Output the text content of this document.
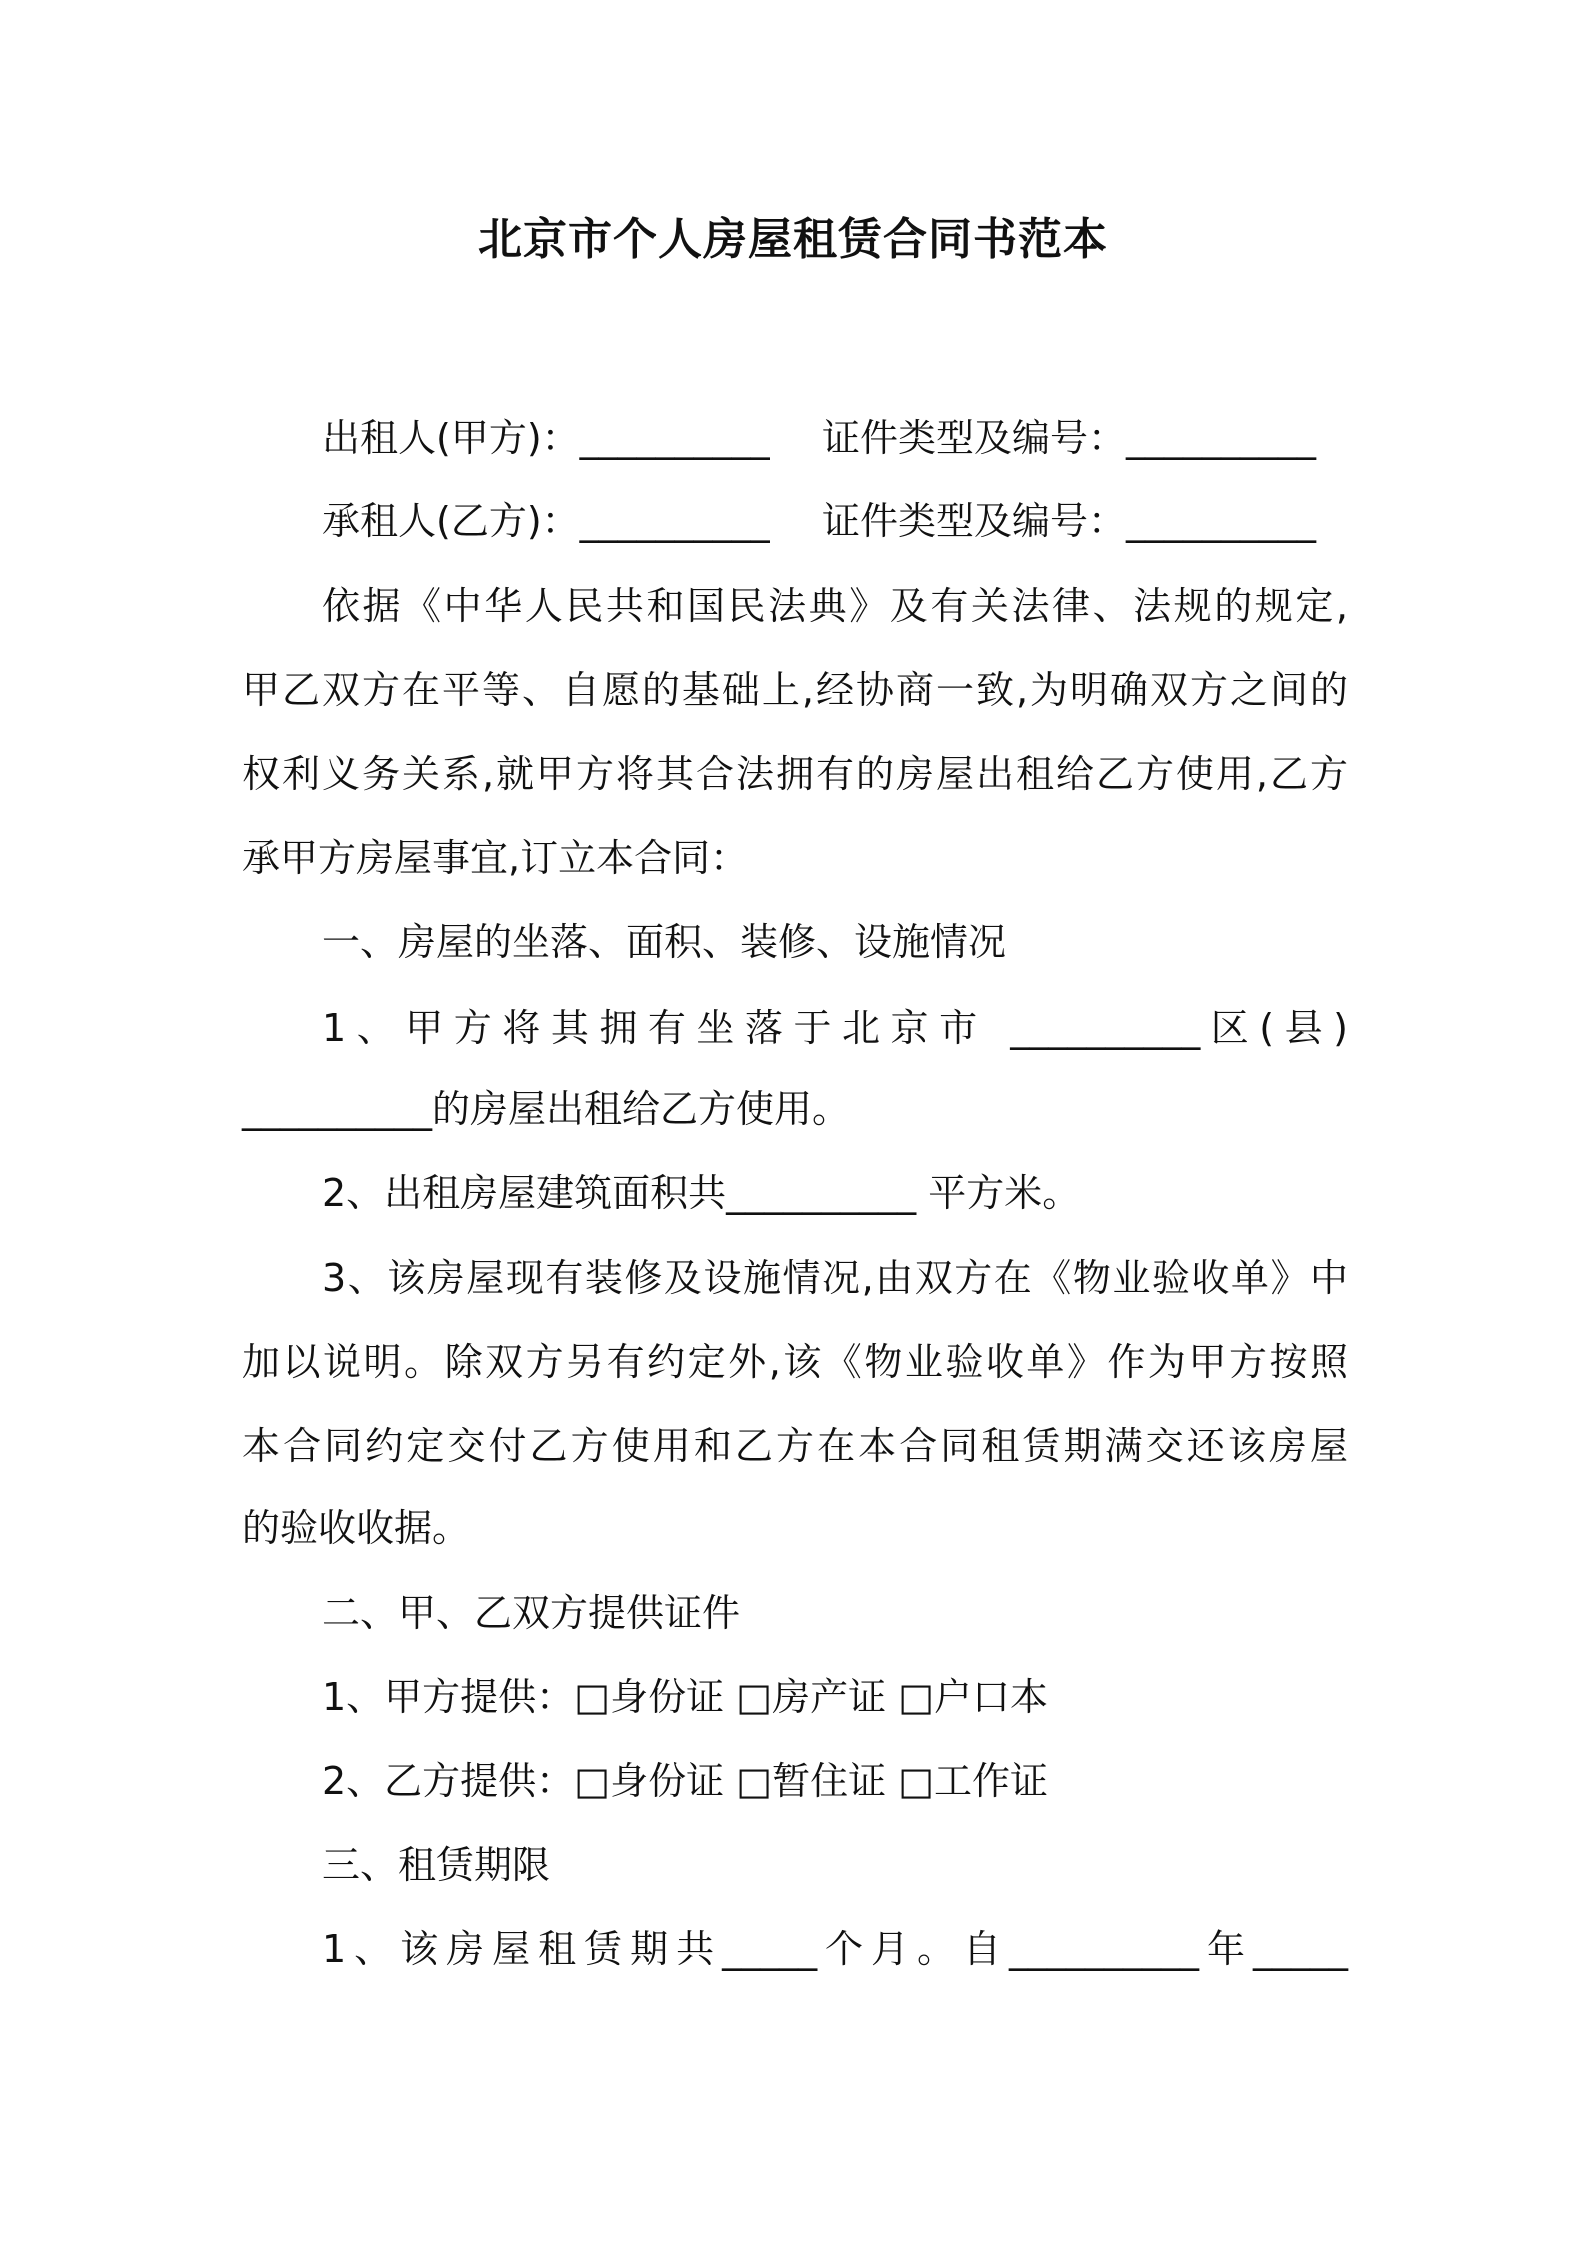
北京市个人房屋租赁合同书范本
出租人(甲方)：__________	证件类型及编号：__________
承租人(乙方)：__________	证件类型及编号：__________
依据《中华人民共和国民法典》及有关法律、法规的规定,
甲乙双方在平等、自愿的基础上,经协商一致,为明确双方之间的
权利义务关系,就甲方将其合法拥有的房屋出租给乙方使用,乙方
承甲方房屋事宜,订立本合同：
一、房屋的坐落、面积、装修、设施情况
1、甲方将其拥有坐落于北京市 __________区(县)
__________的房屋出租给乙方使用。
2、出租房屋建筑面积共__________ 平方米。
3、该房屋现有装修及设施情况,由双方在《物业验收单》中
加以说明。除双方另有约定外,该《物业验收单》作为甲方按照
本合同约定交付乙方使用和乙方在本合同租赁期满交还该房屋
的验收收据。
二、甲、乙双方提供证件
1、甲方提供：□身份证 □房产证 □户口本
2、乙方提供：□身份证 □暂住证 □工作证
三、租赁期限
1、该房屋租赁期共_____个月。自__________年_____
